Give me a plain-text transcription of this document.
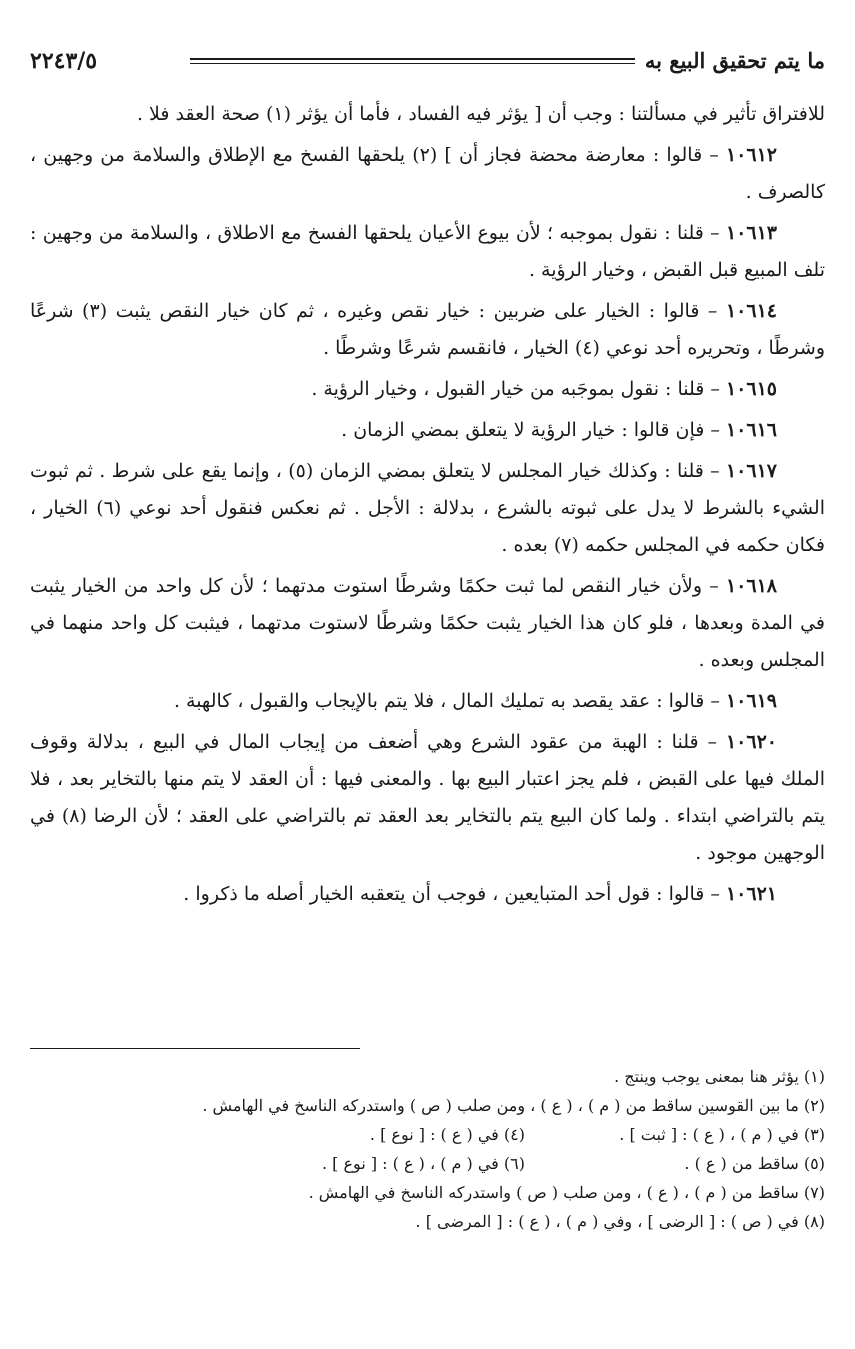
ما يتم تحقيق البيع به
٢٢٤٣/٥

للافتراق تأثير في مسألتنا : وجب أن [ يؤثر فيه الفساد ، فأما أن يؤثر (١) صحة العقد فلا .

١٠٦١٢ – قالوا : معارضة محضة فجاز أن ] (٢) يلحقها الفسخ مع الإطلاق والسلامة من وجهين ، كالصرف .

١٠٦١٣ – قلنا : نقول بموجبه ؛ لأن بيوع الأعيان يلحقها الفسخ مع الاطلاق ، والسلامة من وجهين : تلف المبيع قبل القبض ، وخيار الرؤية .

١٠٦١٤ – قالوا : الخيار على ضربين : خيار نقص وغيره ، ثم كان خيار النقص يثبت (٣) شرعًا وشرطًا ، وتحريره أحد نوعي (٤) الخيار ، فانقسم شرعًا وشرطًا .

١٠٦١٥ – قلنا : نقول بموجَبه من خيار القبول ، وخيار الرؤية .

١٠٦١٦ – فإن قالوا : خيار الرؤية لا يتعلق بمضي الزمان .

١٠٦١٧ – قلنا : وكذلك خيار المجلس لا يتعلق بمضي الزمان (٥) ، وإنما يقع على شرط . ثم ثبوت الشيء بالشرط لا يدل على ثبوته بالشرع ، بدلالة : الأجل . ثم نعكس فنقول أحد نوعي (٦) الخيار ، فكان حكمه في المجلس حكمه (٧) بعده .

١٠٦١٨ – ولأن خيار النقص لما ثبت حكمًا وشرطًا استوت مدتهما ؛ لأن كل واحد من الخيار يثبت في المدة وبعدها ، فلو كان هذا الخيار يثبت حكمًا وشرطًا لاستوت مدتهما ، فيثبت كل واحد منهما في المجلس وبعده .

١٠٦١٩ – قالوا : عقد يقصد به تمليك المال ، فلا يتم بالإيجاب والقبول ، كالهبة .

١٠٦٢٠ – قلنا : الهبة من عقود الشرع وهي أضعف من إيجاب المال في البيع ، بدلالة وقوف الملك فيها على القبض ، فلم يجز اعتبار البيع بها . والمعنى فيها : أن العقد لا يتم منها بالتخاير بعد ، فلا يتم بالتراضي ابتداء . ولما كان البيع يتم بالتخاير بعد العقد تم بالتراضي على العقد ؛ لأن الرضا (٨) في الوجهين موجود .

١٠٦٢١ – قالوا : قول أحد المتبايعين ، فوجب أن يتعقبه الخيار أصله ما ذكروا .

(١) يؤثر هنا بمعنى يوجب وينتج .

(٢) ما بين القوسين ساقط من ( م ) ، ( ع ) ، ومن صلب ( ص ) واستدركه الناسخ في الهامش .

(٣) في ( م ) ، ( ع ) : [ ثبت ] .

(٤) في ( ع ) : [ نوع ] .

(٥) ساقط من ( ع ) .

(٦) في ( م ) ، ( ع ) : [ نوع ] .

(٧) ساقط من ( م ) ، ( ع ) ، ومن صلب ( ص ) واستدركه الناسخ في الهامش .

(٨) في ( ص ) : [ الرضى ] ، وفي ( م ) ، ( ع ) : [ المرضى ] .
